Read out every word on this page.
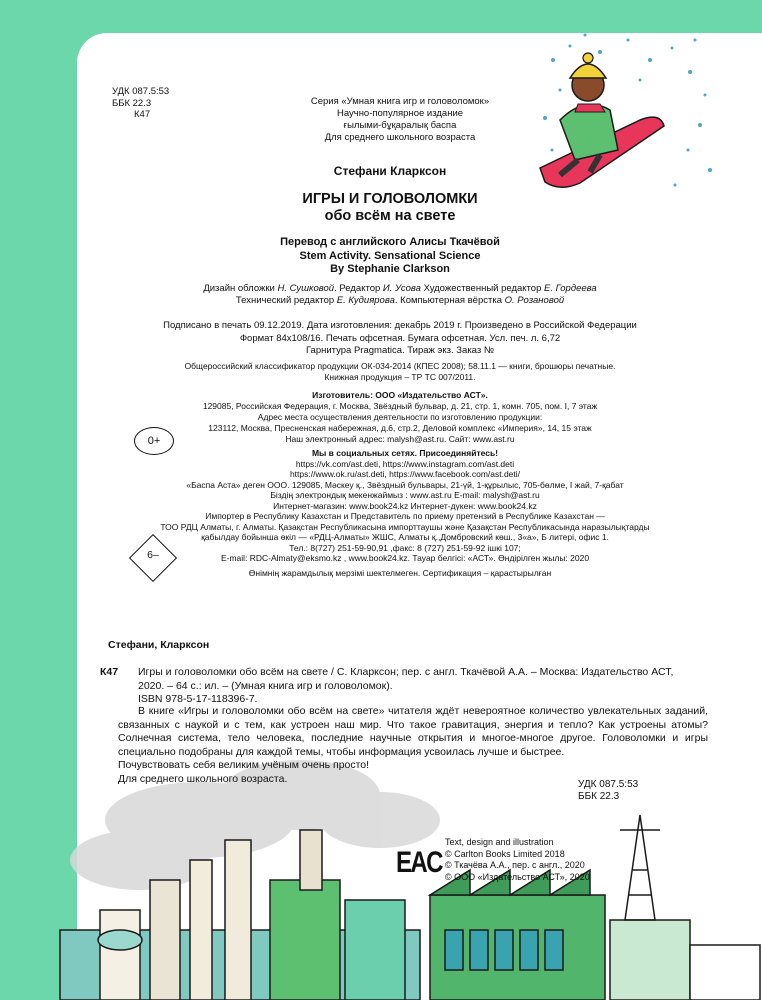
УДК 087.5:53
ББК 22.3
К47
Серия «Умная книга игр и головоломок»
Научно-популярное издание
ғылыми-бұқаралық баспа
Для среднего школьного возраста
Стефани Кларксон
ИГРЫ И ГОЛОВОЛОМКИ
обо всём на свете
Перевод с английского Алисы Ткачёвой
Stem Activity. Sensational Science
By Stephanie Clarkson
Дизайн обложки Н. Сушковой. Редактор И. Усова Художественный редактор Е. Гордеева
Технический редактор Е. Кудиярова. Компьютерная вёрстка О. Розановой
Подписано в печать 09.12.2019. Дата изготовления: декабрь 2019 г. Произведено в Российской Федерации
Формат 84х108/16. Печать офсетная. Бумага офсетная. Усл. печ. л. 6,72
Гарнитура Pragmatica. Тираж экз. Заказ №
Общероссийский классификатор продукции ОК-034-2014 (КПЕС 2008); 58.11.1 — книги, брошюры печатные.
Книжная продукция – ТР ТС 007/2011.
Изготовитель: ООО «Издательство АСТ».
129085, Российская Федерация, г. Москва, Звёздный бульвар, д. 21, стр. 1, комн. 705, пом. I, 7 этаж
Адрес места осуществления деятельности по изготовлению продукции:
123112, Москва, Пресненская набережная, д.6, стр.2, Деловой комплекс «Империя», 14, 15 этаж
Наш электронный адрес: malysh@ast.ru. Сайт: www.ast.ru
0+
Мы в социальных сетях. Присоединяйтесь!
https://vk.com/ast.deti, https://www.instagram.com/ast.deti
https://www.ok.ru/ast.deti, https://www.facebook.com/ast.deti/
«Баспа Аста» деген ООО. 129085, Мәскеу қ., Звёздный бульвары, 21-үй, 1-құрылыс, 705-бөлме, I жай, 7-қабат
Біздің электрондық мекенжаймыз : www.ast.ru E-mail: malysh@ast.ru
Интернет-магазин: www.book24.kz Интернет-дүкен: www.book24.kz
Импортер в Республику Казахстан и Представитель по приему претензий в Республике Казахстан —
ТОО РДЦ Алматы, г. Алматы. Қазақстан Республикасына импорттаушы және Қазақстан Республикасында наразылықтарды
қабылдау бойынша өкіл — «РДЦ-Алматы» ЖШС, Алматы қ.,Домбровский көш., 3«а», Б литері, офис 1.
Тел.: 8(727) 251-59-90,91 ,факс: 8 (727) 251-59-92 ішкі 107;
E-mail: RDC-Almaty@eksmo.kz , www.book24.kz. Тауар белгісі: «АСТ». Өндірілген жылы: 2020
6–
Өнімнің жарамдылық мерзімі шектелмеген. Сертификация – қарастырылған
Стефани, Кларксон
К47 Игры и головоломки обо всём на свете / С. Кларксон; пер. с англ. Ткачёвой А.А. – Москва: Издательство АСТ, 2020. – 64 с.: ил. – (Умная книга игр и головоломок).
ISBN 978-5-17-118396-7.
В книге «Игры и головоломки обо всём на свете» читателя ждёт невероятное количество увлекательных заданий, связанных с наукой и с тем, как устроен наш мир. Что такое гравитация, энергия и тепло? Как устроены атомы? Солнечная система, тело человека, последние научные открытия и многое-многое другое. Головоломки и игры специально подобраны для каждой темы, чтобы информация усвоилась лучше и быстрее.
Почувствовать себя великим учёным очень просто!
Для среднего школьного возраста.	УДК 087.5:53
ББК 22.3
EAC
Text, design and illustration
© Carlton Books Limited 2018
© Ткачёва А.А., пер. с англ., 2020
© ООО «Издательство АСТ», 2020
